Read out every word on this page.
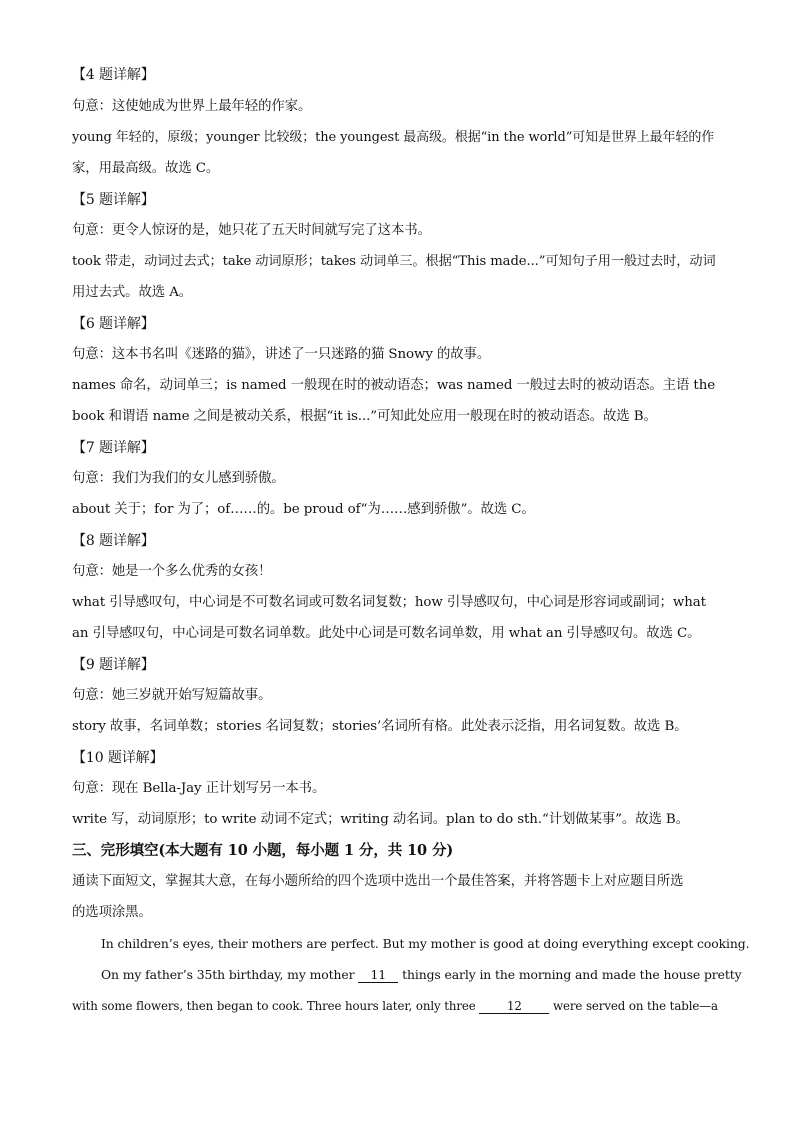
【4 题详解】
句意：这使她成为世界上最年轻的作家。
young 年轻的，原级；younger 比较级；the youngest 最高级。根据“in the world”可知是世界上最年轻的作
家，用最高级。故选 C。
【5 题详解】
句意：更令人惊讶的是，她只花了五天时间就写完了这本书。
took 带走，动词过去式；take 动词原形；takes 动词单三。根据“This made...”可知句子用一般过去时，动词
用过去式。故选 A。
【6 题详解】
句意：这本书名叫《迷路的猫》，讲述了一只迷路的猫 Snowy 的故事。
names 命名，动词单三；is named 一般现在时的被动语态；was named 一般过去时的被动语态。主语 the
book 和谓语 name 之间是被动关系，根据“it is...”可知此处应用一般现在时的被动语态。故选 B。
【7 题详解】
句意：我们为我们的女儿感到骄傲。
about 关于；for 为了；of……的。be proud of“为……感到骄傲”。故选 C。
【8 题详解】
句意：她是一个多么优秀的女孩！
what 引导感叹句，中心词是不可数名词或可数名词复数；how 引导感叹句，中心词是形容词或副词；what
an 引导感叹句，中心词是可数名词单数。此处中心词是可数名词单数，用 what an 引导感叹句。故选 C。
【9 题详解】
句意：她三岁就开始写短篇故事。
story 故事，名词单数；stories 名词复数；stories’名词所有格。此处表示泛指，用名词复数。故选 B。
【10 题详解】
句意：现在 Bella-Jay 正计划写另一本书。
write 写，动词原形；to write 动词不定式；writing 动名词。plan to do sth.“计划做某事”。故选 B。
三、完形填空(本大题有 10 小题，每小题 1 分，共 10 分)
通读下面短文，掌握其大意，在每小题所给的四个选项中选出一个最佳答案，并将答题卡上对应题目所选
的选项涂黑。
In children’s eyes, their mothers are perfect. But my mother is good at doing everything except cooking.
On my father’s 35th birthday, my mother 11 things early in the morning and made the house pretty
with some flowers, then began to cook. Three hours later, only three 12 were served on the table—a
